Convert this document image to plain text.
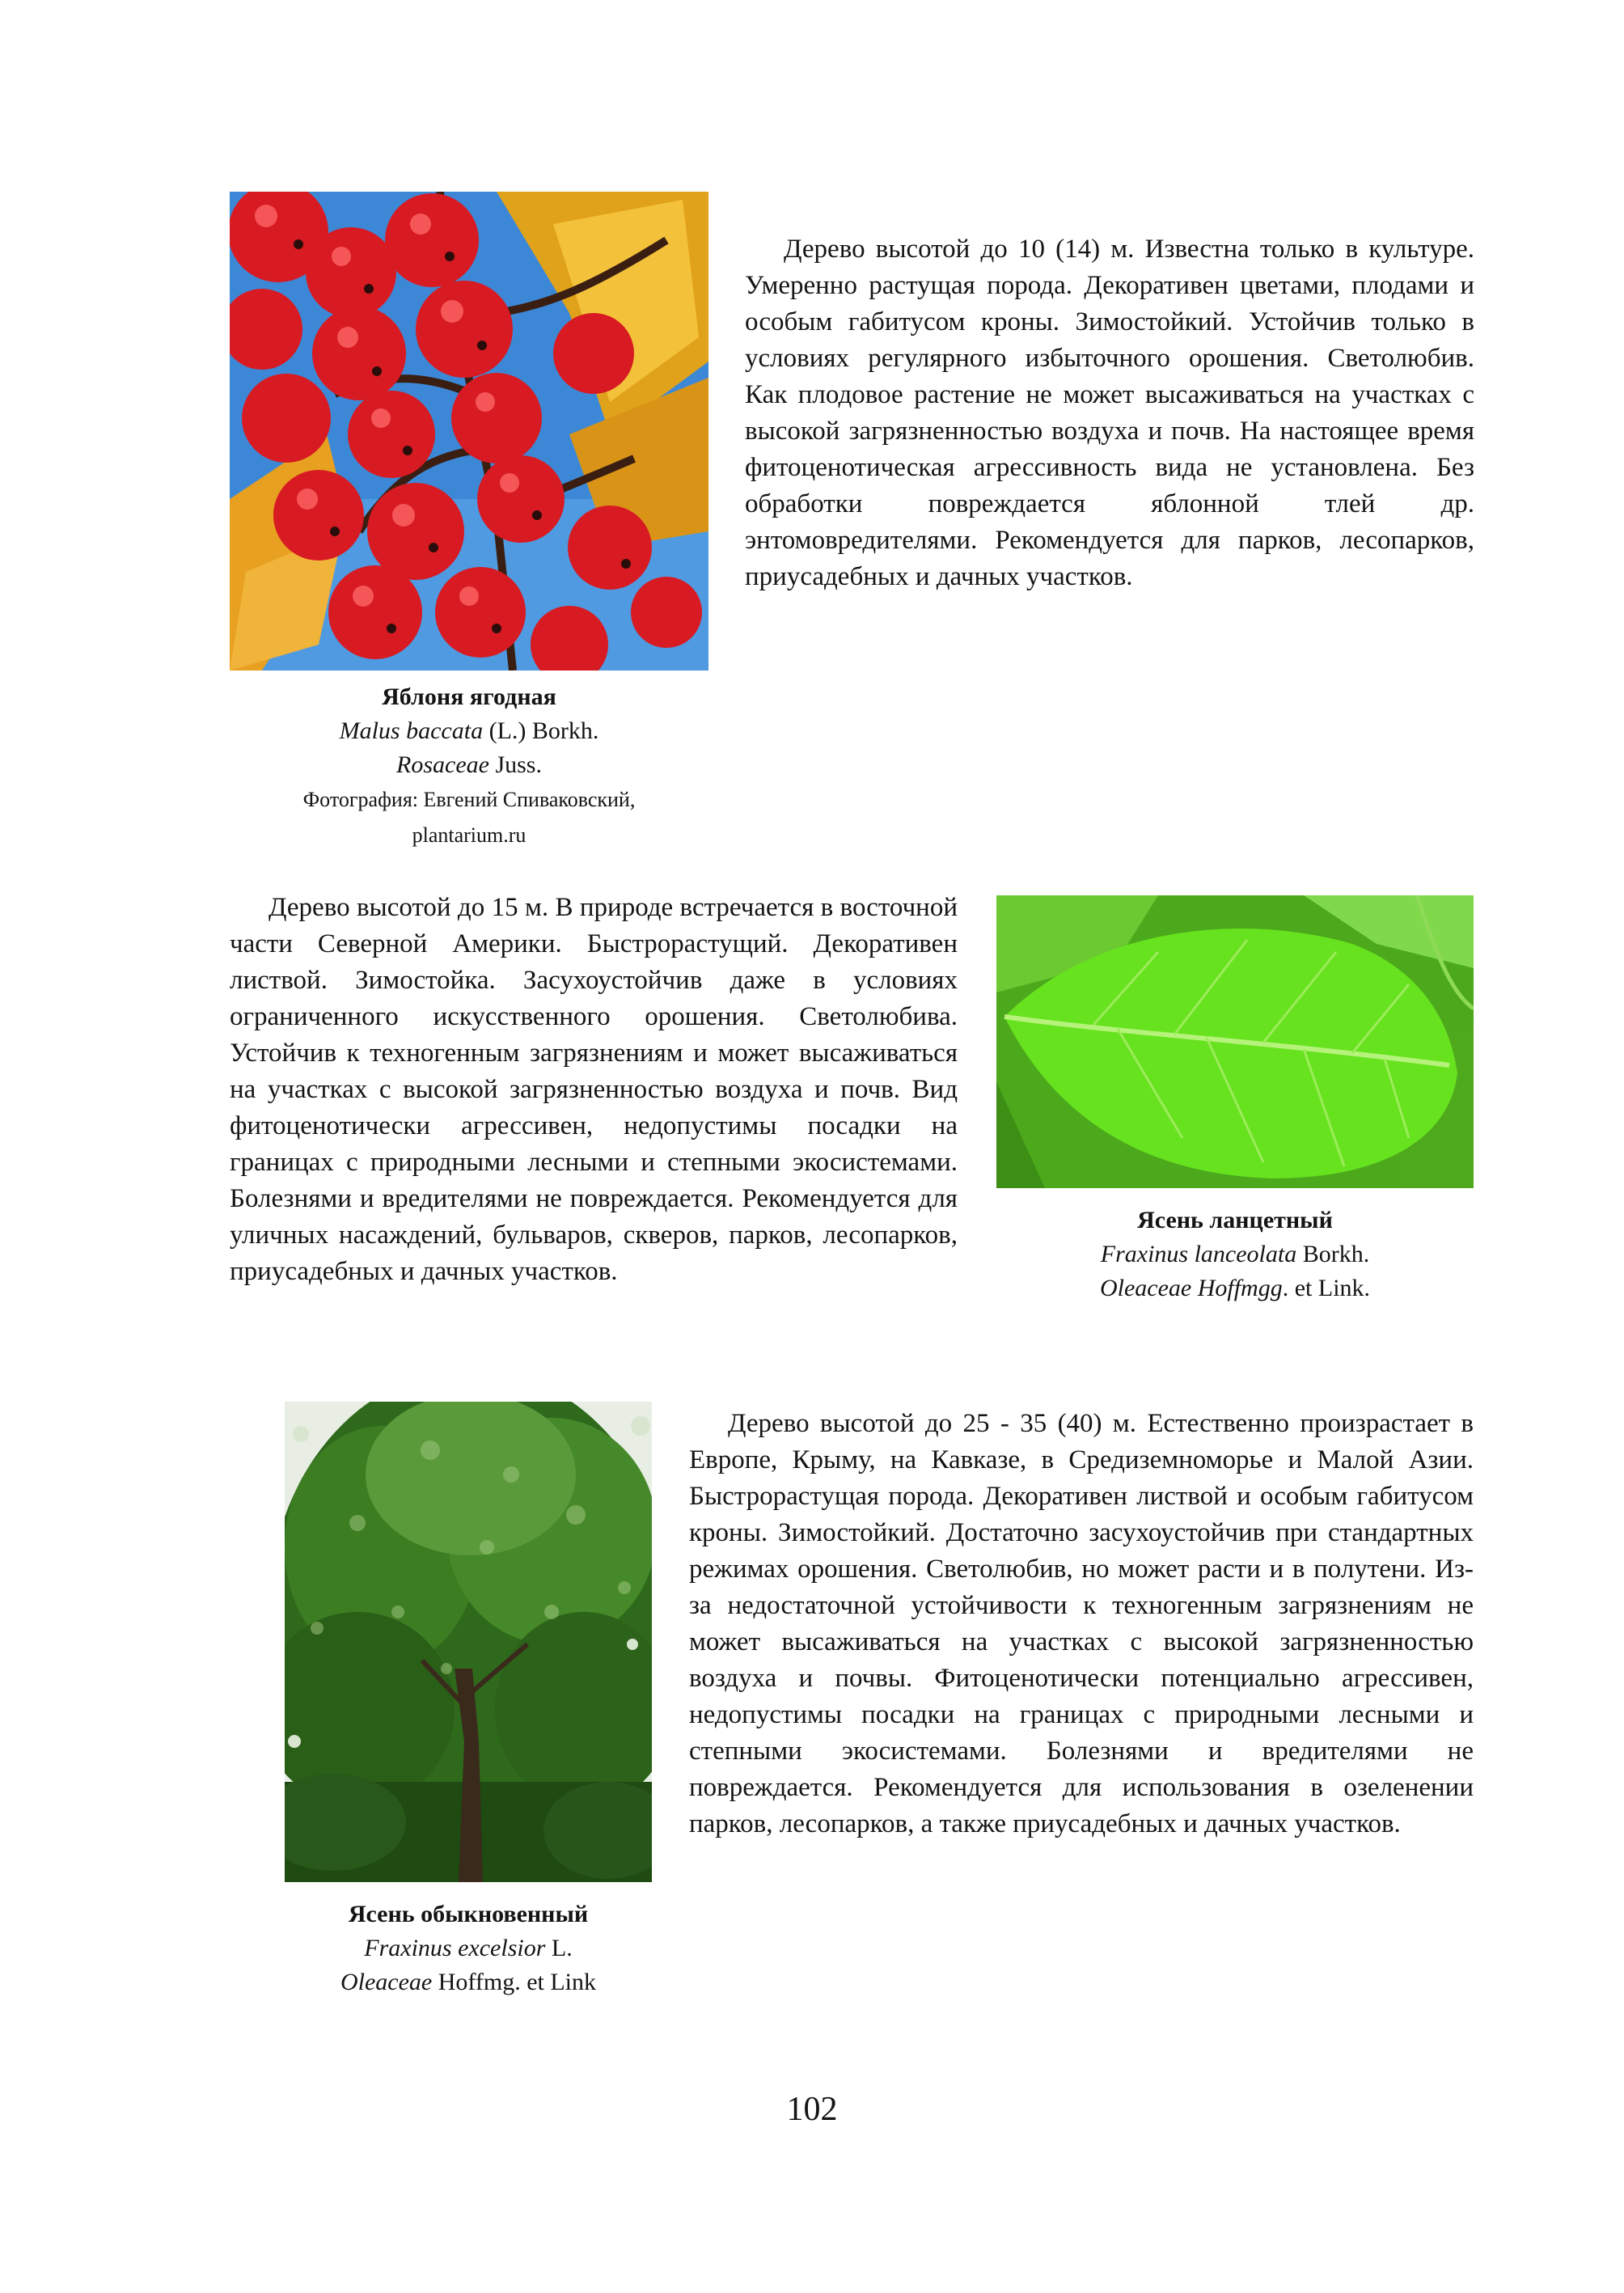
Дерево высотой до 10 (14) м. Известна только в культуре. Умеренно растущая порода. Декоративен цветами, плодами и особым габитусом кроны. Зимостойкий. Устойчив только в условиях регулярного избыточного орошения. Светолюбив. Как плодовое растение не может высаживаться на участках с высокой загрязненностью воздуха и почв. На настоящее время фитоценотическая агрессивность вида не установлена. Без обработки повреждается яблонной тлей др. энтомовредителями. Рекомендуется для парков, лесопарков, приусадебных и дачных участков.

Яблоня ягодная
Malus baccata (L.) Borkh.
Rosaceae Juss.
Фотография: Евгений Спиваковский,
plantarium.ru

Дерево высотой до 15 м. В природе встречается в восточной части Северной Америки. Быстрорастущий. Декоративен листвой. Зимостойка. Засухоустойчив даже в условиях ограниченного искусственного орошения. Светолюбива. Устойчив к техногенным загрязнениям и может высаживаться на участках с высокой загрязненностью воздуха и почв. Вид фитоценотически агрессивен, недопустимы посадки на границах с природными лесными и степными экосистемами. Болезнями и вредителями не повреждается. Рекомендуется для уличных насаждений, бульваров, скверов, парков, лесопарков, приусадебных и дачных участков.

Ясень ланцетный
Fraxinus lanceolata Borkh.
Oleaceae Hoffmgg. et Link.

Дерево высотой до 25 - 35 (40) м. Естественно произрастает в Европе, Крыму, на Кавказе, в Средиземноморье и Малой Азии. Быстрорастущая порода. Декоративен листвой и особым габитусом кроны. Зимостойкий. Достаточно засухоустойчив при стандартных режимах орошения. Светолюбив, но может расти и в полутени. Из-за недостаточной устойчивости к техногенным загрязнениям не может высаживаться на участках с высокой загрязненностью воздуха и почвы. Фитоценотически потенциально агрессивен, недопустимы посадки на границах с природными лесными и степными экосистемами. Болезнями и вредителями не повреждается. Рекомендуется для использования в озеленении парков, лесопарков, а также приусадебных и дачных участков.

Ясень обыкновенный
Fraxinus excelsior L.
Oleaceae Hoffmg. et Link
102
